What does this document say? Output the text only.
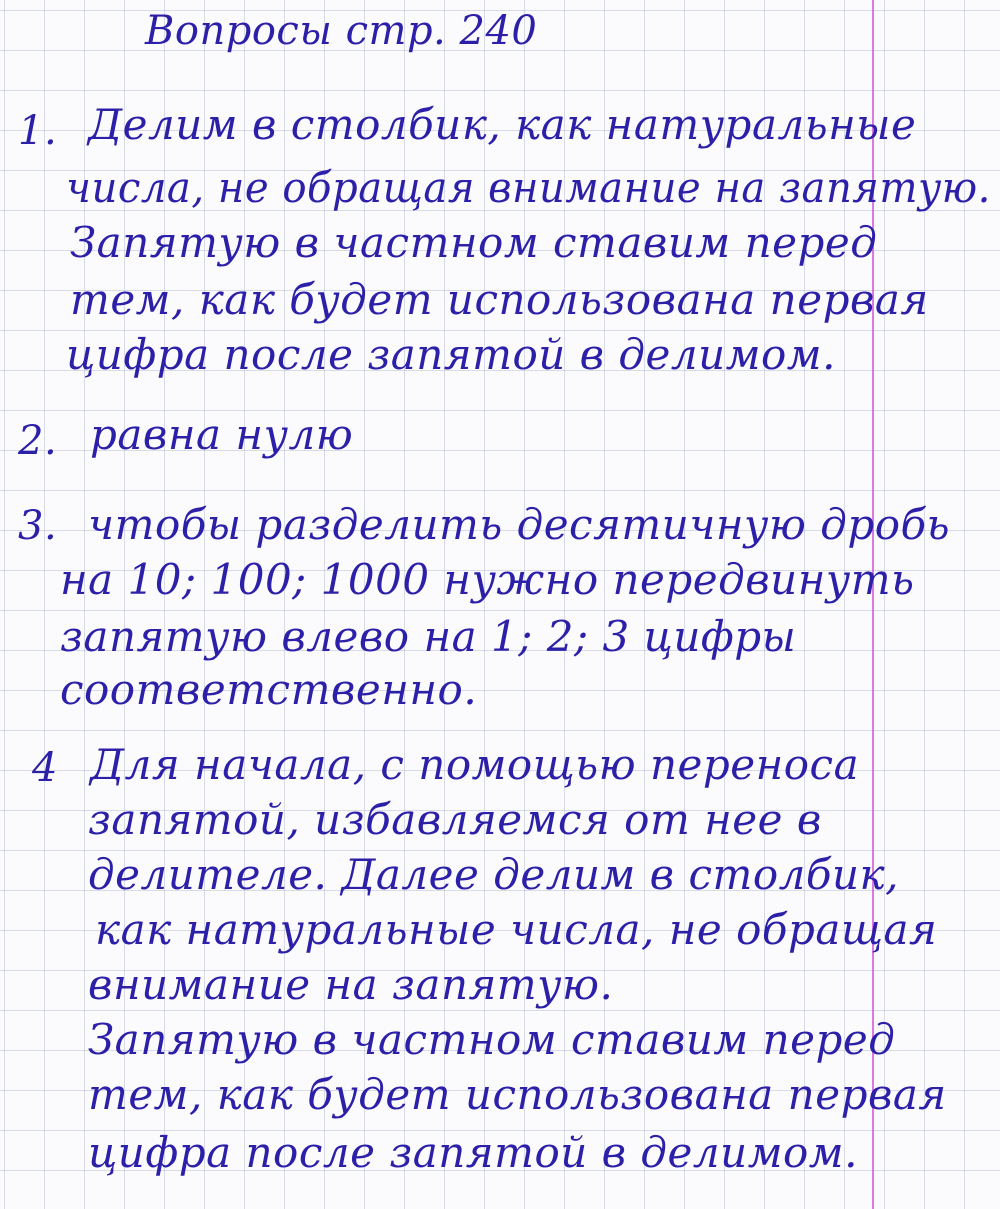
Вопросы стр. 240
1. Делим в столбик, как натуральные
числа, не обращая внимание на запятую.
Запятую в частном ставим перед
тем, как будет использована первая
цифра после запятой в делимом.
2. равна нулю
3. чтобы разделить десятичную дробь
на 10; 100; 1000 нужно передвинуть
запятую влево на 1; 2; 3 цифры
соответственно.
4 Для начала, с помощью переноса
запятой, избавляемся от нее в
делителе. Далее делим в столбик,
как натуральные числа, не обращая
внимание на запятую.
Запятую в частном ставим перед
тем, как будет использована первая
цифра после запятой в делимом.
